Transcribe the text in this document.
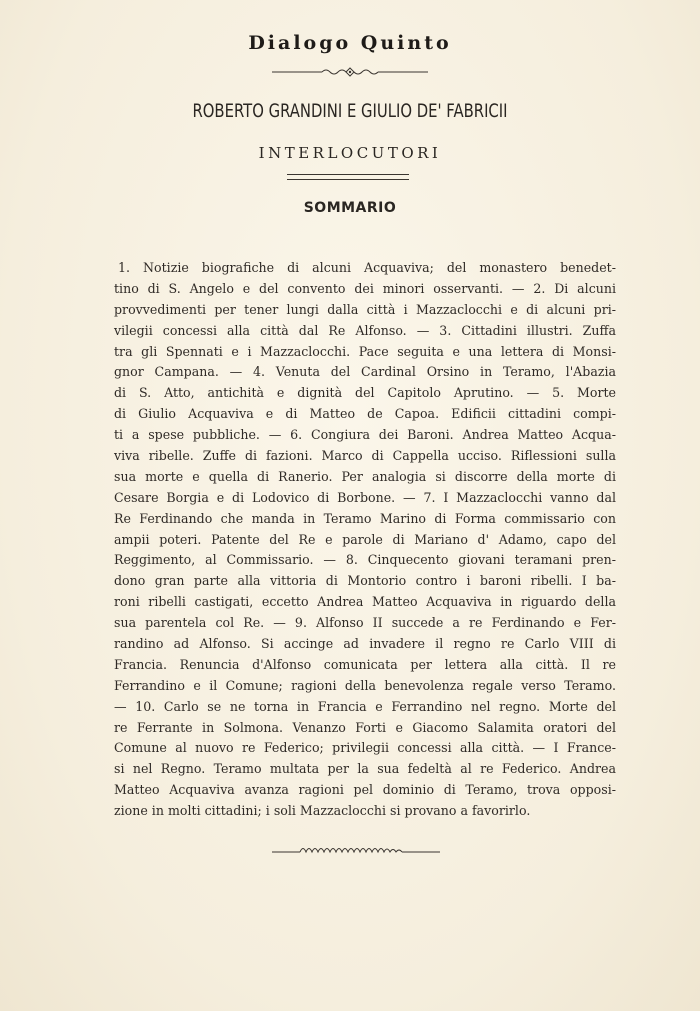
Dialogo Quinto
ROBERTO GRANDINI E GIULIO DE' FABRICII
INTERLOCUTORI
SOMMARIO
1. Notizie biografiche di alcuni Acquaviva; del monastero benedet-
tino di S. Angelo e del convento dei minori osservanti. — 2. Di alcuni
provvedimenti per tener lungi dalla città i Mazzaclocchi e di alcuni pri-
vilegii concessi alla città dal Re Alfonso. — 3. Cittadini illustri. Zuffa
tra gli Spennati e i Mazzaclocchi. Pace seguita e una lettera di Monsi-
gnor Campana. — 4. Venuta del Cardinal Orsino in Teramo, l'Abazia
di S. Atto, antichità e dignità del Capitolo Aprutino. — 5. Morte
di Giulio Acquaviva e di Matteo de Capoa. Edificii cittadini compi-
ti a spese pubbliche. — 6. Congiura dei Baroni. Andrea Matteo Acqua-
viva ribelle. Zuffe di fazioni. Marco di Cappella ucciso. Riflessioni sulla
sua morte e quella di Ranerio. Per analogia si discorre della morte di
Cesare Borgia e di Lodovico di Borbone. — 7. I Mazzaclocchi vanno dal
Re Ferdinando che manda in Teramo Marino di Forma commissario con
ampii poteri. Patente del Re e parole di Mariano d' Adamo, capo del
Reggimento, al Commissario. — 8. Cinquecento giovani teramani pren-
dono gran parte alla vittoria di Montorio contro i baroni ribelli. I ba-
roni ribelli castigati, eccetto Andrea Matteo Acquaviva in riguardo della
sua parentela col Re. — 9. Alfonso II succede a re Ferdinando e Fer-
randino ad Alfonso. Si accinge ad invadere il regno re Carlo VIII di
Francia. Renuncia d'Alfonso comunicata per lettera alla città. Il re
Ferrandino e il Comune; ragioni della benevolenza regale verso Teramo.
— 10. Carlo se ne torna in Francia e Ferrandino nel regno. Morte del
re Ferrante in Solmona. Venanzo Forti e Giacomo Salamita oratori del
Comune al nuovo re Federico; privilegii concessi alla città. — I France-
si nel Regno. Teramo multata per la sua fedeltà al re Federico. Andrea
Matteo Acquaviva avanza ragioni pel dominio di Teramo, trova opposi-
zione in molti cittadini; i soli Mazzaclocchi si provano a favorirlo.
